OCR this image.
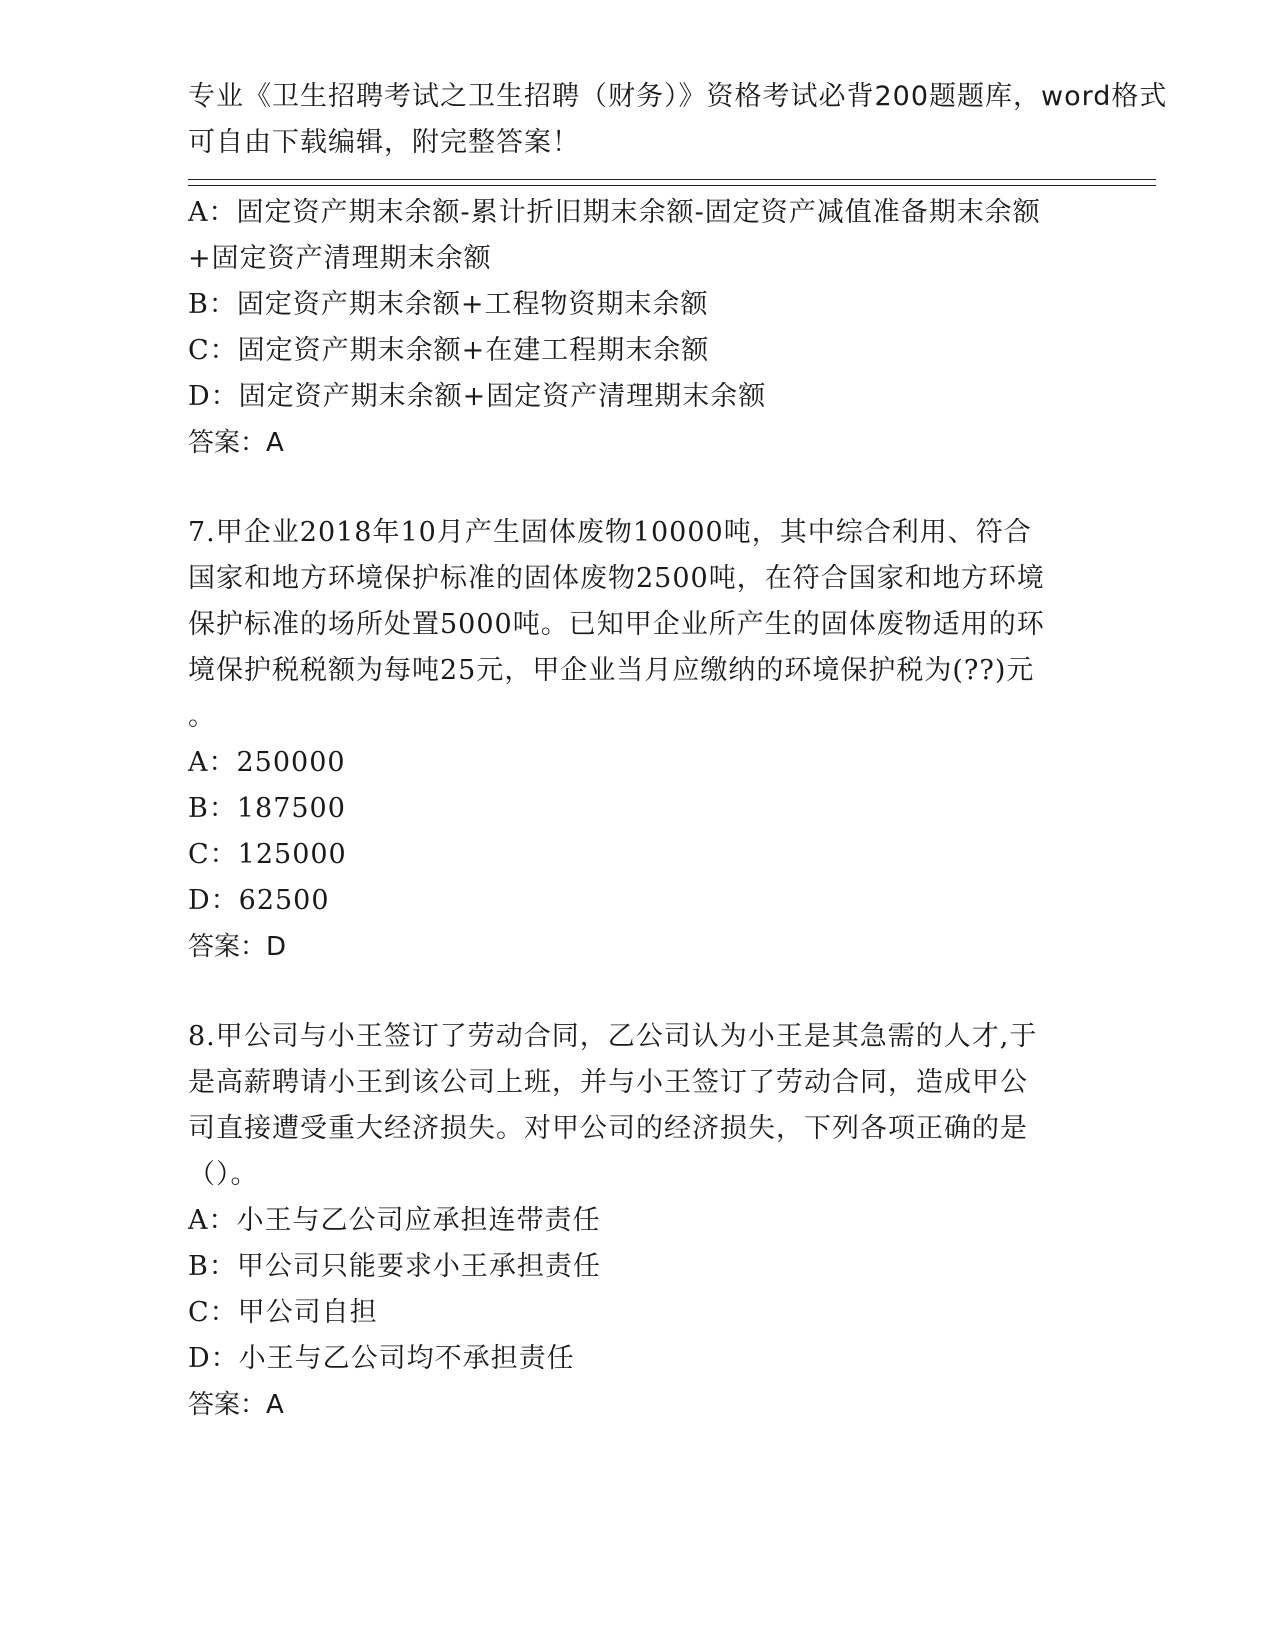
专业《卫生招聘考试之卫生招聘（财务）》资格考试必背200题题库，word格式
可自由下载编辑，附完整答案！
A：固定资产期末余额-累计折旧期末余额-固定资产减值准备期末余额
+固定资产清理期末余额
B：固定资产期末余额+工程物资期末余额
C：固定资产期末余额+在建工程期末余额
D：固定资产期末余额+固定资产清理期末余额
答案：A
7.甲企业2018年10月产生固体废物10000吨，其中综合利用、符合
国家和地方环境保护标准的固体废物2500吨，在符合国家和地方环境
保护标准的场所处置5000吨。已知甲企业所产生的固体废物适用的环
境保护税税额为每吨25元，甲企业当月应缴纳的环境保护税为(??)元
。
A：250000
B：187500
C：125000
D：62500
答案：D
8.甲公司与小王签订了劳动合同，乙公司认为小王是其急需的人才,于
是高薪聘请小王到该公司上班，并与小王签订了劳动合同，造成甲公
司直接遭受重大经济损失。对甲公司的经济损失，下列各项正确的是
（）。
A：小王与乙公司应承担连带责任
B：甲公司只能要求小王承担责任
C：甲公司自担
D：小王与乙公司均不承担责任
答案：A
